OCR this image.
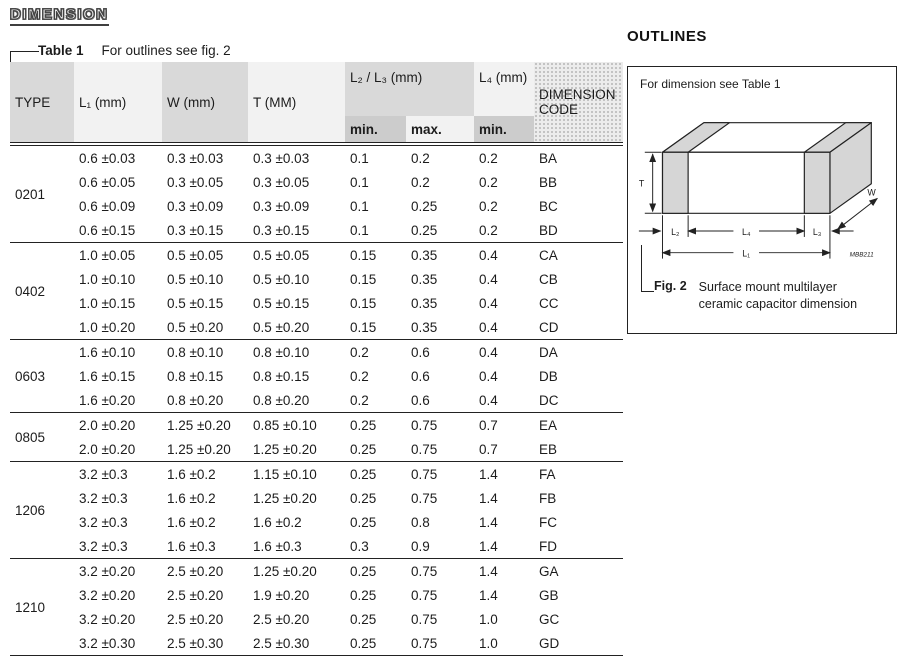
DIMENSION
Table 1 For outlines see fig. 2
TYPE	L₁ (mm)	W (mm)	T (MM)	L₂ / L₃ (mm)		L₄ (mm)	DIMENSION CODE
				min.	max.	min.	
0201	0.6 ±0.03	0.3 ±0.03	0.3 ±0.03	0.1	0.2	0.2	BA
	0.6 ±0.05	0.3 ±0.05	0.3 ±0.05	0.1	0.2	0.2	BB
	0.6 ±0.09	0.3 ±0.09	0.3 ±0.09	0.1	0.25	0.2	BC
	0.6 ±0.15	0.3 ±0.15	0.3 ±0.15	0.1	0.25	0.2	BD
0402	1.0 ±0.05	0.5 ±0.05	0.5 ±0.05	0.15	0.35	0.4	CA
	1.0 ±0.10	0.5 ±0.10	0.5 ±0.10	0.15	0.35	0.4	CB
	1.0 ±0.15	0.5 ±0.15	0.5 ±0.15	0.15	0.35	0.4	CC
	1.0 ±0.20	0.5 ±0.20	0.5 ±0.20	0.15	0.35	0.4	CD
0603	1.6 ±0.10	0.8 ±0.10	0.8 ±0.10	0.2	0.6	0.4	DA
	1.6 ±0.15	0.8 ±0.15	0.8 ±0.15	0.2	0.6	0.4	DB
	1.6 ±0.20	0.8 ±0.20	0.8 ±0.20	0.2	0.6	0.4	DC
0805	2.0 ±0.20	1.25 ±0.20	0.85 ±0.10	0.25	0.75	0.7	EA
	2.0 ±0.20	1.25 ±0.20	1.25 ±0.20	0.25	0.75	0.7	EB
1206	3.2 ±0.3	1.6 ±0.2	1.15 ±0.10	0.25	0.75	1.4	FA
	3.2 ±0.3	1.6 ±0.2	1.25 ±0.20	0.25	0.75	1.4	FB
	3.2 ±0.3	1.6 ±0.2	1.6 ±0.2	0.25	0.8	1.4	FC
	3.2 ±0.3	1.6 ±0.3	1.6 ±0.3	0.3	0.9	1.4	FD
1210	3.2 ±0.20	2.5 ±0.20	1.25 ±0.20	0.25	0.75	1.4	GA
	3.2 ±0.20	2.5 ±0.20	1.9 ±0.20	0.25	0.75	1.4	GB
	3.2 ±0.20	2.5 ±0.20	2.5 ±0.20	0.25	0.75	1.0	GC
	3.2 ±0.30	2.5 ±0.30	2.5 ±0.30	0.25	0.75	1.0	GD
OUTLINES
For dimension see Table 1
T
W
L₂	L₄	L₃
L₁	MBB211
Fig. 2 Surface mount multilayer ceramic capacitor dimension
